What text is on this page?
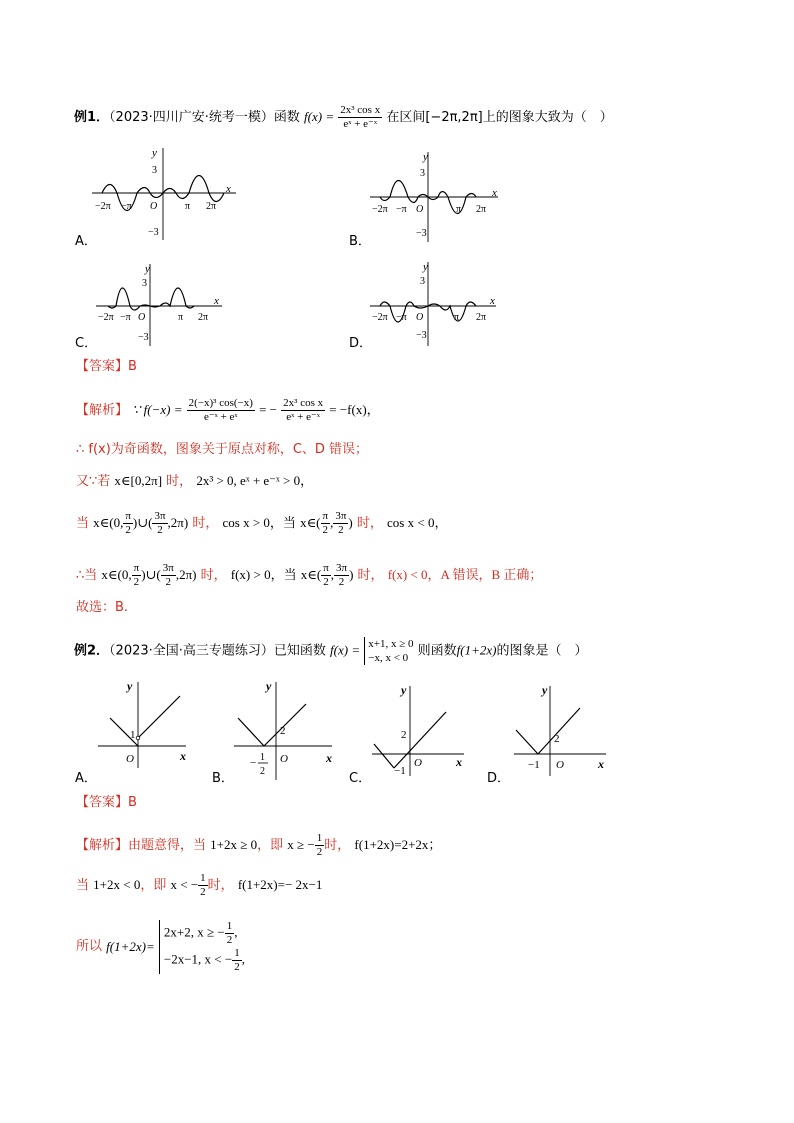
例1．（2023·四川广安·统考一模）函数 $f(x) = \frac{\text{2x³ cos x}}{\text{eˣ + e⁻ˣ}}$ 在区间[−2π,2π]上的图象大致为（　）
x
y
3
−3
O
−2π −π	π 2π
A．
x
y
3
−3
O
−2π −π	π 2π
B．
x
y
3
−3
O
−2π −π	π 2π
C．
x
y
3
−3
O
−2π −π	π 2π
D．
【答案】B
【解析】 ∵ $f(-x) = \frac{\text{2(−x)³ cos(−x)}}{\text{e⁻ˣ + eˣ}}$ = − $\frac{\text{2x³ cos x}}{\text{eˣ + e⁻ˣ}} = -f(x)$，
∴ f(x)为奇函数，图象关于原点对称，C、D 错误；
又∵若 x∈[0,2π] 时， 2x³ > 0, eˣ + e⁻ˣ > 0，
当 x∈(0, $\frac{\pi}{2}$ )∪( $\frac{3\pi}{2} ,2\pi$) 时， cos x > 0，当 x∈( $\frac{\pi}{2}$ , $\frac{3\pi}{2}$ ) 时， cos x < 0，
∴当 x∈(0, $\frac{\pi}{2}$ )∪( $\frac{3\pi}{2} ,2\pi$) 时， f(x) > 0，当 x∈( $\frac{\pi}{2}$ , $\frac{3\pi}{2}$ ) 时， f(x) < 0，A 错误，B 正确；
故选：B.
例2．（2023·全国·高三专题练习）已知函数 f(x) = x+1, x ≥ 0
−x, x < 0 则函数f(1+2x)的图象是（　）
x
y
1
O
A．
x
y
2
O
− 1
2
B．
x
y
2
O
−1
C．
x
y
2
O
−1
D．
【答案】B
【解析】由题意得，当 1+2x ≥ 0，即 x ≥ − $\frac{1}{2}$ 时， f(1+2x)=2+2x；
当 1+2x < 0，即 x < − $\frac{1}{2}$ 时， f(1+2x)=− 2x−1
所以 f(1+2x)=
2x+2, x ≥ − $\frac{1}{2}$ ,
−2x−1, x < − $\frac{1}{2}$ ,
